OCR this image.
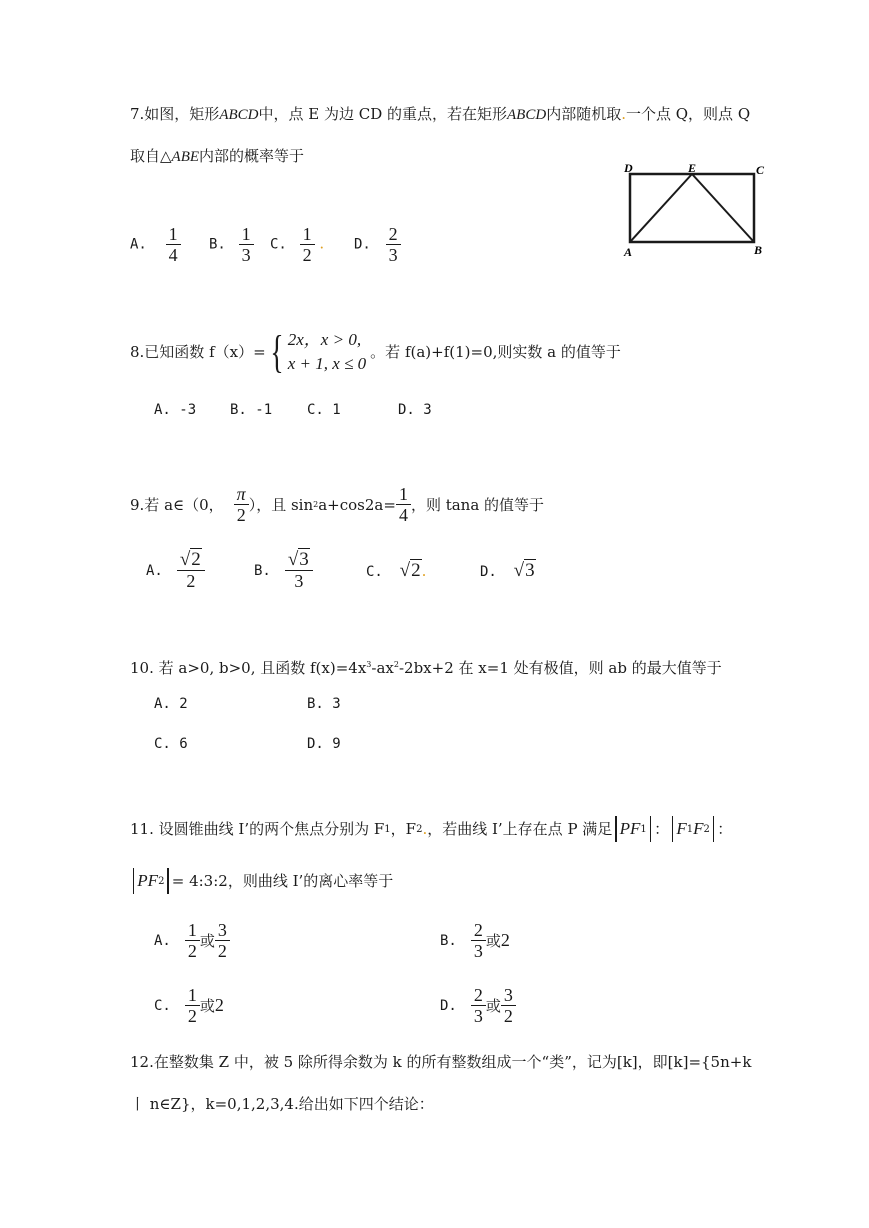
7.如图，矩形ABCD中，点 E 为边 CD 的重点，若在矩形ABCD内部随机取.一个点 Q，则点 Q
取自△ABE内部的概率等于
D	E	C
A	B
A. $\frac{1}{4} B$. $\frac{1}{3} C$. $\frac{1}{2}$ . D. $\frac{2}{3}$
8.已知函数 f（x）= { 2x，x > 0,
x + 1, x ≤ 0
。若 f(a)+f(1)=0,则实数 a 的值等于
A. -3 B. -1 C. 1	D. 3
9.若 a∈（0， $\frac{\pi}{2}$ ），且 sin 2 $a+\cos 2a= \frac{1}{4}$ ，则 tana 的值等于
A. $\frac{√2}{2}$	B. $\frac{√3}{3}$	C. √2.	D. √3
10. 若 a>0, b>0, 且函数 $f(x)=4x^3-ax^2-2bx+2$ 在 x=1 处有极值，则 ab 的最大值等于
A. 2	B. 3
C. 6	D. 9
11. 设圆锥曲线 I’的两个焦点分别为 F 1 ，F 2 . ，若曲线 I’上存在点 P 满足 PF 1 ： F 1 F 2 ：
PF 2 = 4:3:2，则曲线 I’的离心率等于
A. $\frac{1}{2}$ 或 $\frac{3}{2}$	B. $\frac{2}{3}$ 或 2
C. $\frac{1}{2}$ 或 2	D. $\frac{2}{3}$ 或 $\frac{3}{2}$
12.在整数集 Z 中，被 5 除所得余数为 k 的所有整数组成一个“类”，记为[k]，即[k]={5n+k
丨 n∈Z}，k=0,1,2,3,4.给出如下四个结论：
